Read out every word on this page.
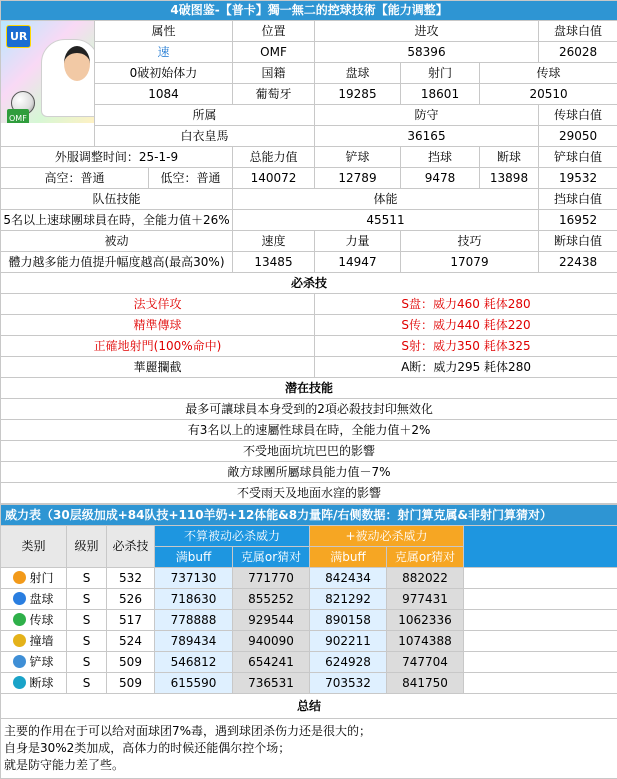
4破图鉴-【普卡】獨一無二的控球技術【能力调整】								

UR
OMF	属性		位置	进攻			盘球白值	
	速		OMF	58396			26028	
	0破初始体力		国籍	盘球	射门	传球	
	1084		葡萄牙	19285	18601	20510	
	所属			防守			传球白值	
	白衣皇馬			36165			29050	
外服调整时间：25-1-9			总能力值	铲球	挡球	断球	铲球白值	
高空：普通		低空：普通	140072	12789	9478	13898	19532	
队伍技能			体能				挡球白值	
5名以上速球團球員在時，全能力值＋26%			45511				16952	
被动			速度	力量	技巧		断球白值	
體力越多能力值提升幅度越高(最高30%)			13485	14947	17079		22438	
必杀技								
法戈佯攻				S盘：威力460 耗体280				
精準傳球				S传：威力440 耗体220				
正確地射門(100%命中)				S射：威力350 耗体325				
華麗攔截				A断：威力295 耗体280				
潜在技能								
最多可讓球員本身受到的2項必殺技封印無效化								
有3名以上的速屬性球員在時，全能力值＋2%								
不受地面坑坑巴巴的影響								
敵方球團所屬球員能力值－7%								
不受雨天及地面水窪的影響								
威力表（30层级加成+84队技+110羊奶+12体能&8力量阵/右侧数据：射门算克属&非射门算猜对）							
类别	级别	必杀技	不算被动必杀威力		+被动必杀威力		
			满buff	克属or猜对	满buff	克属or猜对	
射门	S	532	737130	771770	842434	882022	
盘球	S	526	718630	855252	821292	977431	
传球	S	517	778888	929544	890158	1062336	
撞墙	S	524	789434	940090	902211	1074388	
铲球	S	509	546812	654241	624928	747704	
断球	S	509	615590	736531	703532	841750	
总结							

主要的作用在于可以给对面球团7%毒，遇到球团杀伤力还是很大的；
自身是30%2类加成，高体力的时候还能偶尔控个场；
就是防守能力差了些。							
